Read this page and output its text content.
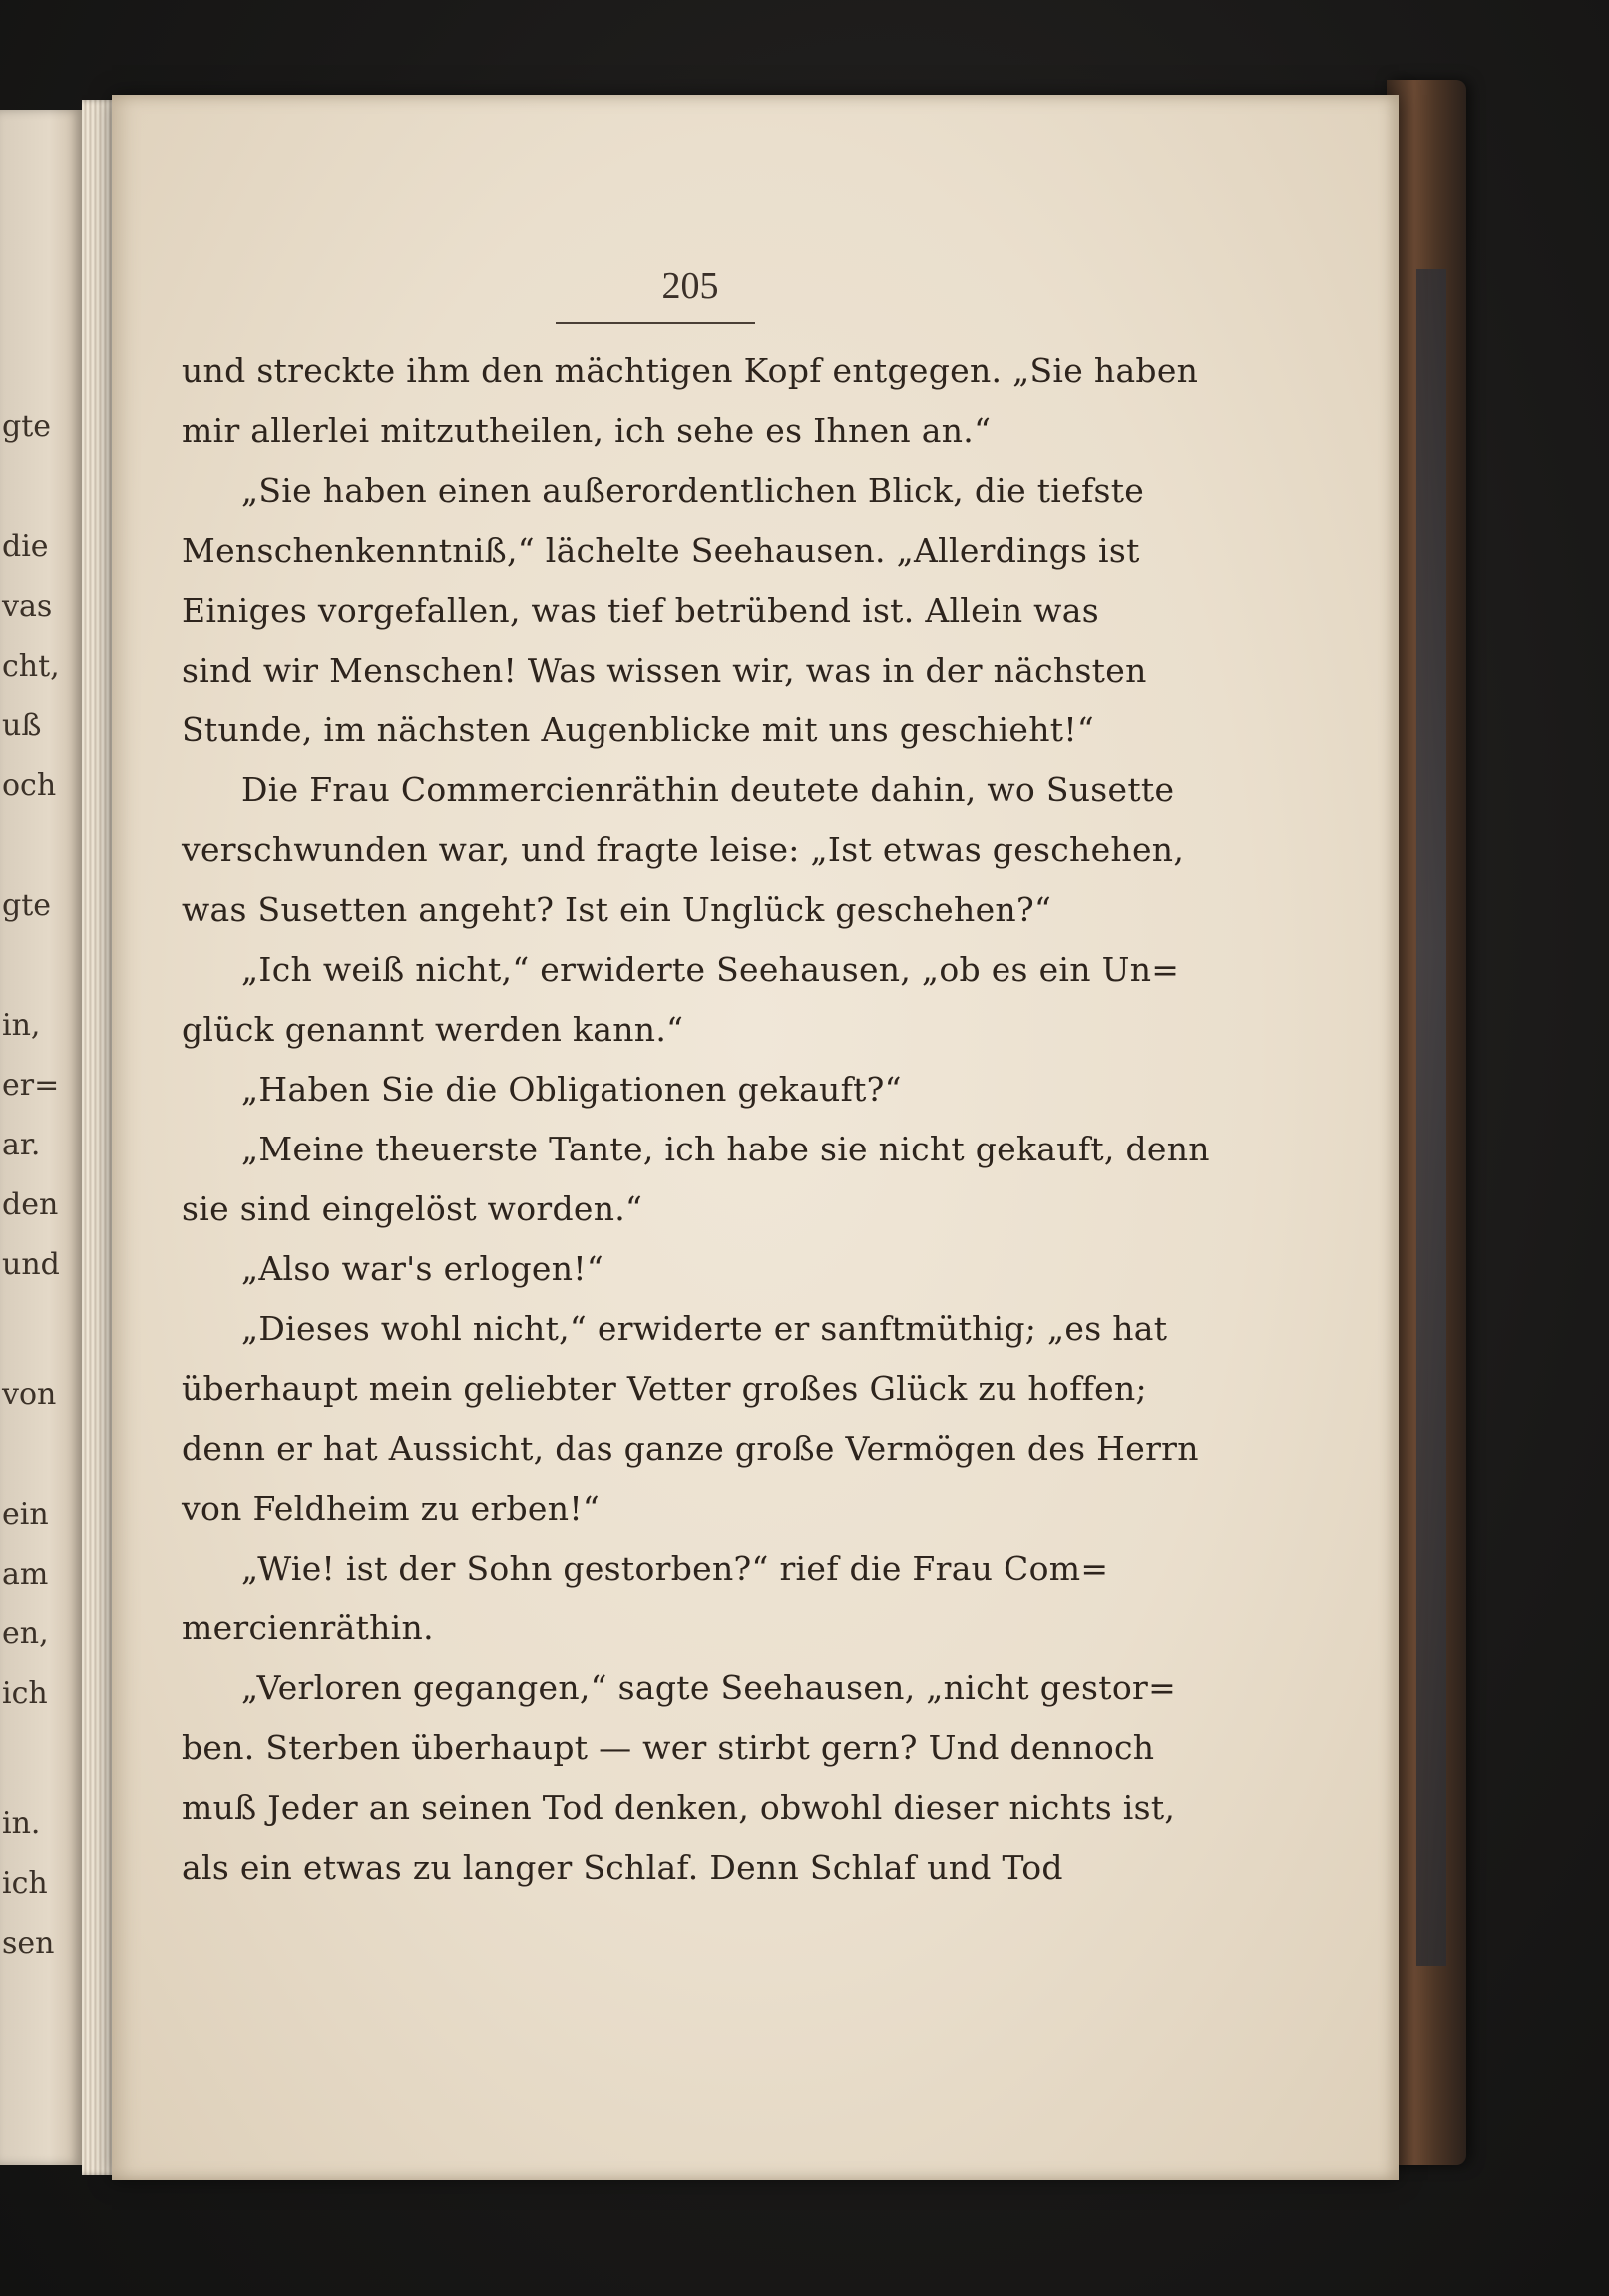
gte
die
vas
cht,
uß
och
gte
in,
er=
ar.
den
und
von
ein
am
en,
ich
in.
ich
sen
205
und streckte ihm den mächtigen Kopf entgegen. „Sie haben
mir allerlei mitzutheilen, ich sehe es Ihnen an.“
„Sie haben einen außerordentlichen Blick, die tiefste
Menschenkenntniß,“ lächelte Seehausen. „Allerdings ist
Einiges vorgefallen, was tief betrübend ist. Allein was
sind wir Menschen! Was wissen wir, was in der nächsten
Stunde, im nächsten Augenblicke mit uns geschieht!“
Die Frau Commercienräthin deutete dahin, wo Susette
verschwunden war, und fragte leise: „Ist etwas geschehen,
was Susetten angeht? Ist ein Unglück geschehen?“
„Ich weiß nicht,“ erwiderte Seehausen, „ob es ein Un=
glück genannt werden kann.“
„Haben Sie die Obligationen gekauft?“
„Meine theuerste Tante, ich habe sie nicht gekauft, denn
sie sind eingelöst worden.“
„Also war's erlogen!“
„Dieses wohl nicht,“ erwiderte er sanftmüthig; „es hat
überhaupt mein geliebter Vetter großes Glück zu hoffen;
denn er hat Aussicht, das ganze große Vermögen des Herrn
von Feldheim zu erben!“
„Wie! ist der Sohn gestorben?“ rief die Frau Com=
mercienräthin.
„Verloren gegangen,“ sagte Seehausen, „nicht gestor=
ben. Sterben überhaupt — wer stirbt gern? Und dennoch
muß Jeder an seinen Tod denken, obwohl dieser nichts ist,
als ein etwas zu langer Schlaf. Denn Schlaf und Tod
